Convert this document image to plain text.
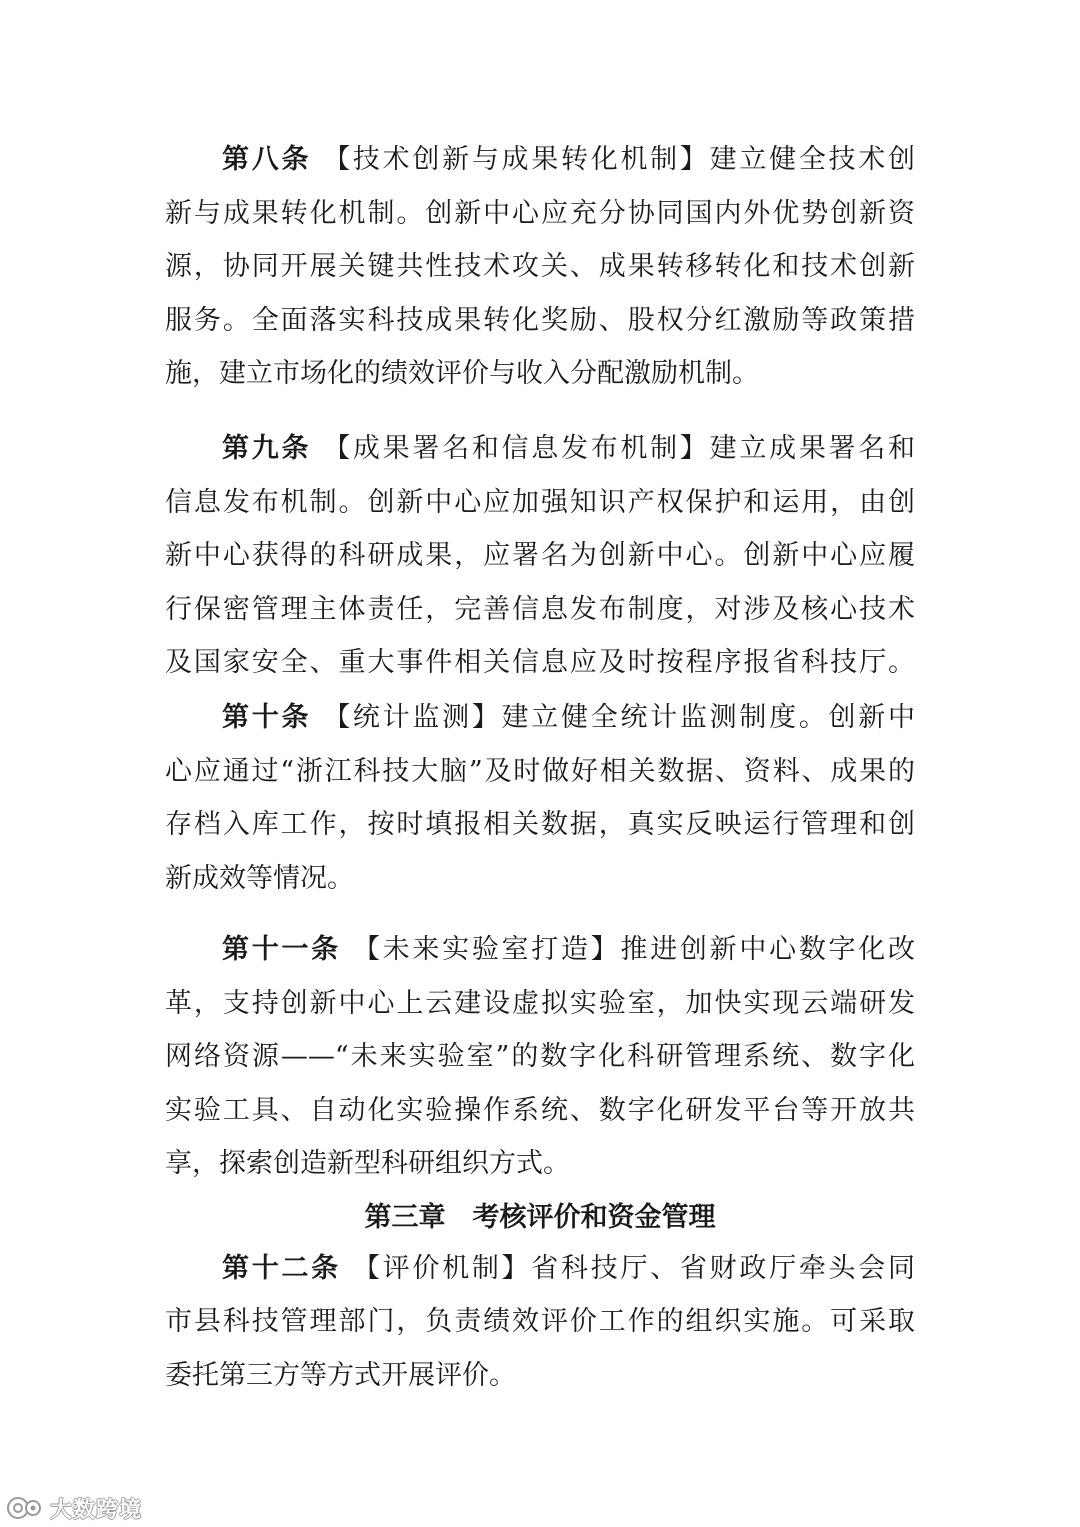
第八条 【技术创新与成果转化机制】建立健全技术创
新与成果转化机制。创新中心应充分协同国内外优势创新资
源，协同开展关键共性技术攻关、成果转移转化和技术创新
服务。全面落实科技成果转化奖励、股权分红激励等政策措
施，建立市场化的绩效评价与收入分配激励机制。
第九条 【成果署名和信息发布机制】建立成果署名和
信息发布机制。创新中心应加强知识产权保护和运用，由创
新中心获得的科研成果，应署名为创新中心。创新中心应履
行保密管理主体责任，完善信息发布制度，对涉及核心技术
及国家安全、重大事件相关信息应及时按程序报省科技厅。
第十条 【统计监测】建立健全统计监测制度。创新中
心应通过“浙江科技大脑”及时做好相关数据、资料、成果的
存档入库工作，按时填报相关数据，真实反映运行管理和创
新成效等情况。
第十一条 【未来实验室打造】推进创新中心数字化改
革，支持创新中心上云建设虚拟实验室，加快实现云端研发
网络资源——“未来实验室”的数字化科研管理系统、数字化
实验工具、自动化实验操作系统、数字化研发平台等开放共
享，探索创造新型科研组织方式。
第三章　考核评价和资金管理
第十二条 【评价机制】省科技厅、省财政厅牵头会同
市县科技管理部门，负责绩效评价工作的组织实施。可采取
委托第三方等方式开展评价。
大数跨境
